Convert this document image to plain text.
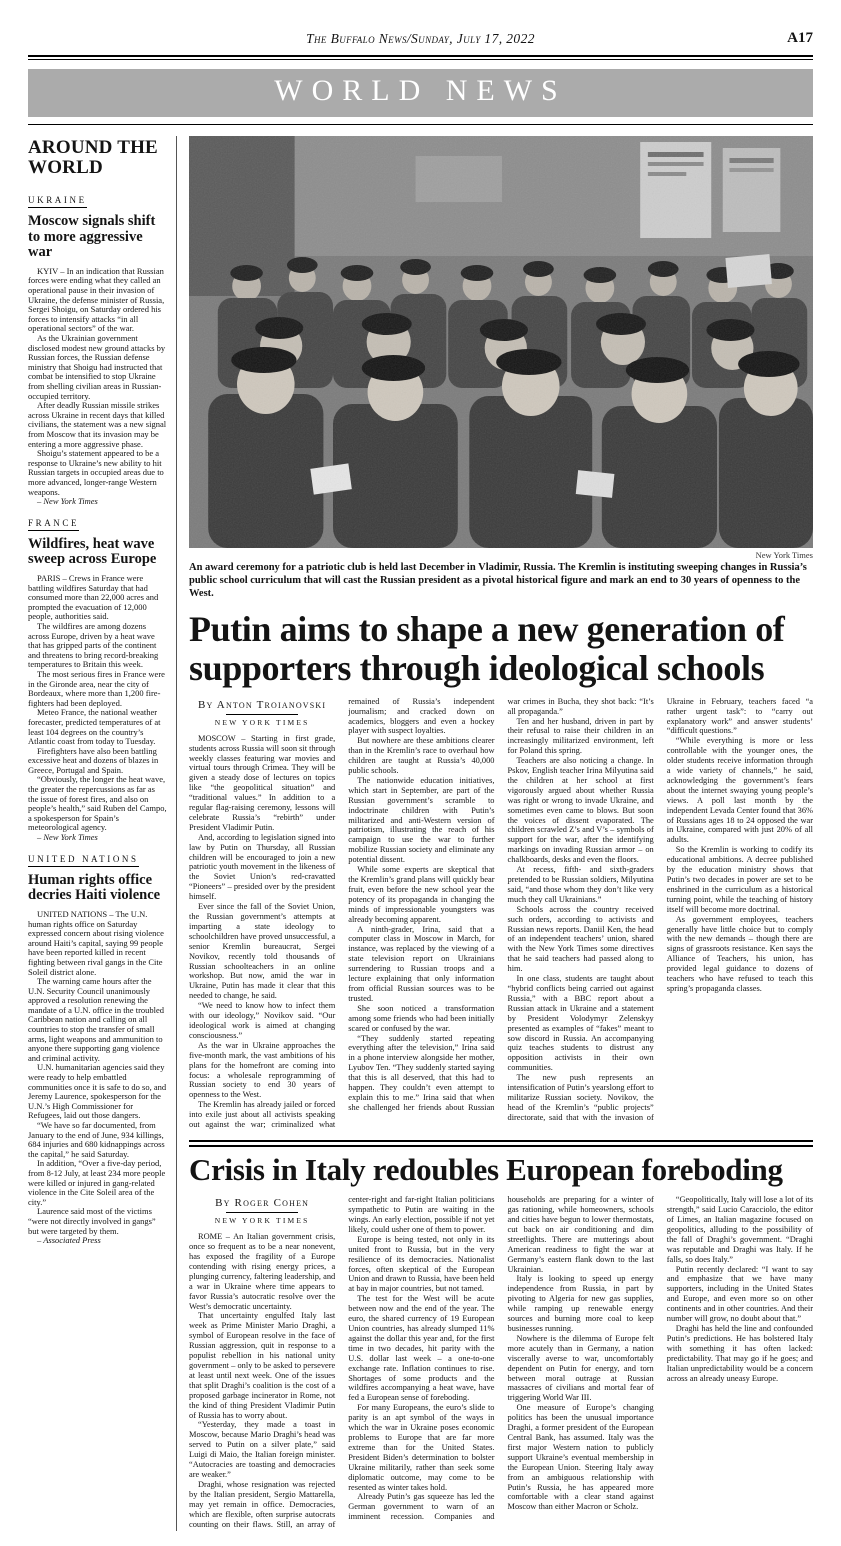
The Buffalo News/Sunday, July 17, 2022	A17
WORLD NEWS
AROUND THE WORLD
UKRAINE
Moscow signals shift to more aggressive war

KYIV – In an indication that Russian forces were ending what they called an operational pause in their invasion of Ukraine, the defense minister of Russia, Sergei Shoigu, on Saturday ordered his forces to intensify attacks “in all operational sectors” of the war.

As the Ukrainian government disclosed modest new ground attacks by Russian forces, the Russian defense ministry that Shoigu had instructed that combat be intensified to stop Ukraine from shelling civilian areas in Russian-occupied territory.

After deadly Russian missile strikes across Ukraine in recent days that killed civilians, the statement was a new signal from Moscow that its invasion may be entering a more aggressive phase.

Shoigu’s statement appeared to be a response to Ukraine’s new ability to hit Russian targets in occupied areas due to more advanced, longer-range Western weapons.

– New York Times
FRANCE
Wildfires, heat wave sweep across Europe

PARIS – Crews in France were battling wildfires Saturday that had consumed more than 22,000 acres and prompted the evacuation of 12,000 people, authorities said.

The wildfires are among dozens across Europe, driven by a heat wave that has gripped parts of the continent and threatens to bring record-breaking temperatures to Britain this week.

The most serious fires in France were in the Gironde area, near the city of Bordeaux, where more than 1,200 fire-fighters had been deployed.

Meteo France, the national weather forecaster, predicted temperatures of at least 104 degrees on the country’s Atlantic coast from today to Tuesday.

Firefighters have also been battling excessive heat and dozens of blazes in Greece, Portugal and Spain.

“Obviously, the longer the heat wave, the greater the repercussions as far as the issue of forest fires, and also on people’s health,” said Ruben del Campo, a spokesperson for Spain’s meteorological agency.

– New York Times
UNITED NATIONS
Human rights office decries Haiti violence

UNITED NATIONS – The U.N. human rights office on Saturday expressed concern about rising violence around Haiti’s capital, saying 99 people have been reported killed in recent fighting between rival gangs in the Cite Soleil district alone.

The warning came hours after the U.N. Security Council unanimously approved a resolution renewing the mandate of a U.N. office in the troubled Caribbean nation and calling on all countries to stop the transfer of small arms, light weapons and ammunition to anyone there supporting gang violence and criminal activity.

U.N. humanitarian agencies said they were ready to help embattled communities once it is safe to do so, and Jeremy Laurence, spokesperson for the U.N.’s High Commissioner for Refugees, laid out those dangers.

“We have so far documented, from January to the end of June, 934 killings, 684 injuries and 680 kidnappings across the capital,” he said Saturday.

In addition, “Over a five-day period, from 8-12 July, at least 234 more people were killed or injured in gang-related violence in the Cite Soleil area of the city.”

Laurence said most of the victims “were not directly involved in gangs” but were targeted by them.

– Associated Press
New York Times
An award ceremony for a patriotic club is held last December in Vladimir, Russia. The Kremlin is instituting sweeping changes in Russia’s public school curriculum that will cast the Russian president as a pivotal historical figure and mark an end to 30 years of openness to the West.
Putin aims to shape a new generation of supporters through ideological schools
By Anton Troianovski
NEW YORK TIMES

MOSCOW – Starting in first grade, students across Russia will soon sit through weekly classes featuring war movies and virtual tours through Crimea. They will be given a steady dose of lectures on topics like “the geopolitical situation” and “traditional values.” In addition to a regular flag-raising ceremony, lessons will celebrate Russia’s “rebirth” under President Vladimir Putin.

And, according to legislation signed into law by Putin on Thursday, all Russian children will be encouraged to join a new patriotic youth movement in the likeness of the Soviet Union’s red-cravatted “Pioneers” – presided over by the president himself.

Ever since the fall of the Soviet Union, the Russian government’s attempts at imparting a state ideology to schoolchildren have proved unsuccessful, a senior Kremlin bureaucrat, Sergei Novikov, recently told thousands of Russian schoolteachers in an online workshop. But now, amid the war in Ukraine, Putin has made it clear that this needed to change, he said.

“We need to know how to infect them with our ideology,” Novikov said. “Our ideological work is aimed at changing consciousness.”

As the war in Ukraine approaches the five-month mark, the vast ambitions of his plans for the homefront are coming into focus: a wholesale reprogramming of Russian society to end 30 years of openness to the West.

The Kremlin has already jailed or forced into exile just about all activists speaking out against the war; criminalized what remained of Russia’s independent journalism; and cracked down on academics, bloggers and even a hockey player with suspect loyalties.

But nowhere are these ambitions clearer than in the Kremlin’s race to overhaul how children are taught at Russia’s 40,000 public schools.

The nationwide education initiatives, which start in September, are part of the Russian government’s scramble to indoctrinate children with Putin’s militarized and anti-Western version of patriotism, illustrating the reach of his campaign to use the war to further mobilize Russian society and eliminate any potential dissent.

While some experts are skeptical that the Kremlin’s grand plans will quickly bear fruit, even before the new school year the potency of its propaganda in changing the minds of impressionable youngsters was already becoming apparent.

A ninth-grader, Irina, said that a computer class in Moscow in March, for instance, was replaced by the viewing of a state television report on Ukrainians surrendering to Russian troops and a lecture explaining that only information from official Russian sources was to be trusted.

She soon noticed a transformation among some friends who had been initially scared or confused by the war.

“They suddenly started repeating everything after the television,” Irina said in a phone interview alongside her mother, Lyubov Ten. “They suddenly started saying that this is all deserved, that this had to happen. They couldn’t even attempt to explain this to me.” Irina said that when she challenged her friends about Russian war crimes in Bucha, they shot back: “It’s all propaganda.”

Ten and her husband, driven in part by their refusal to raise their children in an increasingly militarized environment, left for Poland this spring.

Teachers are also noticing a change. In Pskov, English teacher Irina Milyutina said the children at her school at first vigorously argued about whether Russia was right or wrong to invade Ukraine, and sometimes even came to blows. But soon the voices of dissent evaporated. The children scrawled Z’s and V’s – symbols of support for the war, after the identifying markings on invading Russian armor – on chalkboards, desks and even the floors.

At recess, fifth- and sixth-graders pretended to be Russian soldiers, Milyutina said, “and those whom they don’t like very much they call Ukrainians.”

Schools across the country received such orders, according to activists and Russian news reports. Daniil Ken, the head of an independent teachers’ union, shared with the New York Times some directives that he said teachers had passed along to him.

In one class, students are taught about “hybrid conflicts being carried out against Russia,” with a BBC report about a Russian attack in Ukraine and a statement by President Volodymyr Zelenskyy presented as examples of “fakes” meant to sow discord in Russia. An accompanying quiz teaches students to distrust any opposition activists in their own communities.

The new push represents an intensification of Putin’s yearslong effort to militarize Russian society. Novikov, the head of the Kremlin’s “public projects” directorate, said that with the invasion of Ukraine in February, teachers faced “a rather urgent task”: to “carry out explanatory work” and answer students’ “difficult questions.”

“While everything is more or less controllable with the younger ones, the older students receive information through a wide variety of channels,” he said, acknowledging the government’s fears about the internet swaying young people’s views. A poll last month by the independent Levada Center found that 36% of Russians ages 18 to 24 opposed the war in Ukraine, compared with just 20% of all adults.

So the Kremlin is working to codify its educational ambitions. A decree published by the education ministry shows that Putin’s two decades in power are set to be enshrined in the curriculum as a historical turning point, while the teaching of history itself will become more doctrinal.

As government employees, teachers generally have little choice but to comply with the new demands – though there are signs of grassroots resistance. Ken says the Alliance of Teachers, his union, has provided legal guidance to dozens of teachers who have refused to teach this spring’s propaganda classes.

Crisis in Italy redoubles European foreboding
By Roger Cohen
NEW YORK TIMES

ROME – An Italian government crisis, once so frequent as to be a near nonevent, has exposed the fragility of a Europe contending with rising energy prices, a plunging currency, faltering leadership, and a war in Ukraine where time appears to favor Russia’s autocratic resolve over the West’s democratic uncertainty.

That uncertainty engulfed Italy last week as Prime Minister Mario Draghi, a symbol of European resolve in the face of Russian aggression, quit in response to a populist rebellion in his national unity government – only to be asked to persevere at least until next week. One of the issues that split Draghi’s coalition is the cost of a proposed garbage incinerator in Rome, not the kind of thing President Vladimir Putin of Russia has to worry about.

“Yesterday, they made a toast in Moscow, because Mario Draghi’s head was served to Putin on a silver plate,” said Luigi di Maio, the Italian foreign minister. “Autocracies are toasting and democracies are weaker.”

Draghi, whose resignation was rejected by the Italian president, Sergio Mattarella, may yet remain in office. Democracies, which are flexible, often surprise autocrats counting on their flaws. Still, an array of center-right and far-right Italian politicians sympathetic to Putin are waiting in the wings. An early election, possible if not yet likely, could usher one of them to power.

Europe is being tested, not only in its united front to Russia, but in the very resilience of its democracies. Nationalist forces, often skeptical of the European Union and drawn to Russia, have been held at bay in major countries, but not tamed.

The test for the West will be acute between now and the end of the year. The euro, the shared currency of 19 European Union countries, has already slumped 11% against the dollar this year and, for the first time in two decades, hit parity with the U.S. dollar last week – a one-to-one exchange rate. Inflation continues to rise. Shortages of some products and the wildfires accompanying a heat wave, have fed a European sense of foreboding.

For many Europeans, the euro’s slide to parity is an apt symbol of the ways in which the war in Ukraine poses economic problems to Europe that are far more extreme than for the United States. President Biden’s determination to bolster Ukraine militarily, rather than seek some diplomatic outcome, may come to be resented as winter takes hold.

Already Putin’s gas squeeze has led the German government to warn of an imminent recession. Companies and households are preparing for a winter of gas rationing, while homeowners, schools and cities have begun to lower thermostats, cut back on air conditioning and dim streetlights. There are mutterings about American readiness to fight the war at Germany’s eastern flank down to the last Ukrainian.

Italy is looking to speed up energy independence from Russia, in part by pivoting to Algeria for new gas supplies, while ramping up renewable energy sources and burning more coal to keep businesses running.

Nowhere is the dilemma of Europe felt more acutely than in Germany, a nation viscerally averse to war, uncomfortably dependent on Putin for energy, and torn between moral outrage at Russian massacres of civilians and mortal fear of triggering World War III.

One measure of Europe’s changing politics has been the unusual importance Draghi, a former president of the European Central Bank, has assumed. Italy was the first major Western nation to publicly support Ukraine’s eventual membership in the European Union. Steering Italy away from an ambiguous relationship with Putin’s Russia, he has appeared more comfortable with a clear stand against Moscow than either Macron or Scholz.

“Geopolitically, Italy will lose a lot of its strength,” said Lucio Caracciolo, the editor of Limes, an Italian magazine focused on geopolitics, alluding to the possibility of the fall of Draghi’s government. “Draghi was reputable and Draghi was Italy. If he falls, so does Italy.”

Putin recently declared: “I want to say and emphasize that we have many supporters, including in the United States and Europe, and even more so on other continents and in other countries. And their number will grow, no doubt about that.”

Draghi has held the line and confounded Putin’s predictions. He has bolstered Italy with something it has often lacked: predictability. That may go if he goes; and Italian unpredictability would be a concern across an already uneasy Europe.
